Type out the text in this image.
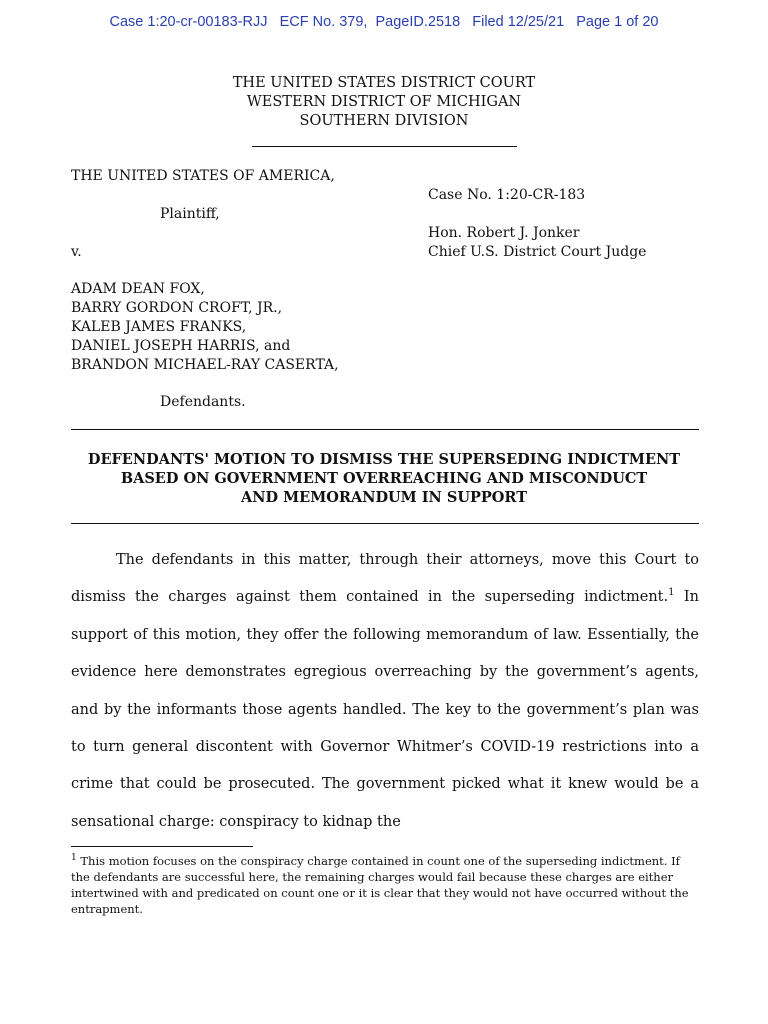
Case 1:20-cr-00183-RJJ ECF No. 379, PageID.2518 Filed 12/25/21 Page 1 of 20
THE UNITED STATES DISTRICT COURT
WESTERN DISTRICT OF MICHIGAN
SOUTHERN DIVISION
THE UNITED STATES OF AMERICA,
Plaintiff,
v.
ADAM DEAN FOX,
BARRY GORDON CROFT, JR.,
KALEB JAMES FRANKS,
DANIEL JOSEPH HARRIS, and
BRANDON MICHAEL-RAY CASERTA,
Defendants.
Case No. 1:20-CR-183
Hon. Robert J. Jonker
Chief U.S. District Court Judge
DEFENDANTS' MOTION TO DISMISS THE SUPERSEDING INDICTMENT
BASED ON GOVERNMENT OVERREACHING AND MISCONDUCT
AND MEMORANDUM IN SUPPORT

The defendants in this matter, through their attorneys, move this Court to dismiss the charges against them contained in the superseding indictment.$^1$ In support of this motion, they offer the following memorandum of law. Essentially, the evidence here demonstrates egregious overreaching by the government’s agents, and by the informants those agents handled. The key to the government’s plan was to turn general discontent with Governor Whitmer’s COVID-19 restrictions into a crime that could be prosecuted. The government picked what it knew would be a sensational charge: conspiracy to kidnap the

$^1$ This motion focuses on the conspiracy charge contained in count one of the superseding indictment. If the defendants are successful here, the remaining charges would fail because these charges are either intertwined with and predicated on count one or it is clear that they would not have occurred without the entrapment.
